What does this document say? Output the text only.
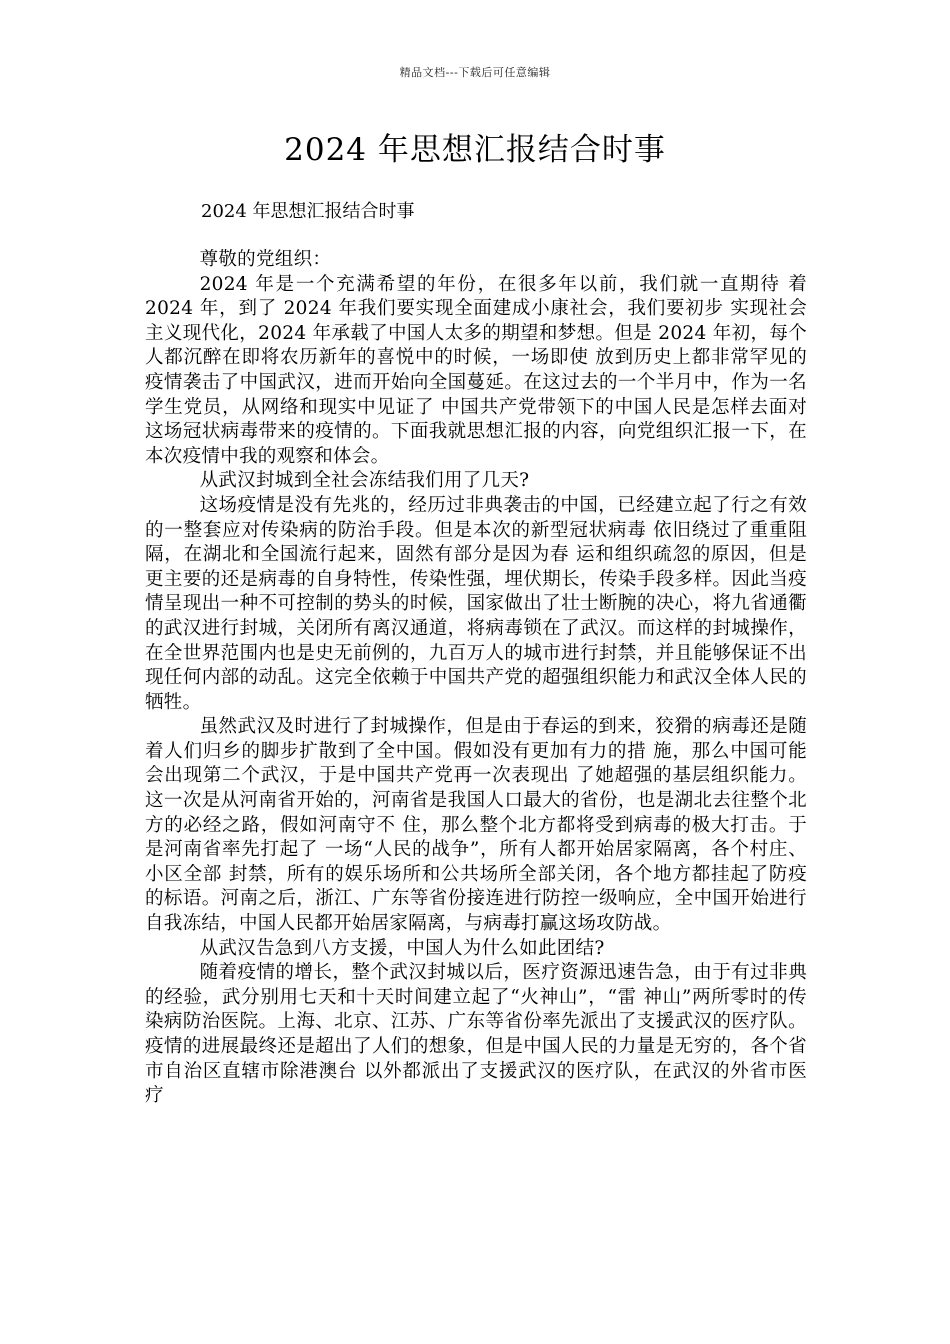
精品文档---下载后可任意编辑
2024 年思想汇报结合时事

2024 年思想汇报结合时事

尊敬的党组织：

2024 年是一个充满希望的年份，在很多年以前，我们就一直期待 着 2024 年，到了 2024 年我们要实现全面建成小康社会，我们要初步 实现社会主义现代化，2024 年承载了中国人太多的期望和梦想。但是 2024 年初，每个人都沉醉在即将农历新年的喜悦中的时候，一场即使 放到历史上都非常罕见的疫情袭击了中国武汉，进而开始向全国蔓延。在这过去的一个半月中，作为一名学生党员，从网络和现实中见证了 中国共产党带领下的中国人民是怎样去面对这场冠状病毒带来的疫情的。下面我就思想汇报的内容，向党组织汇报一下，在本次疫情中我的观察和体会。

从武汉封城到全社会冻结我们用了几天?

这场疫情是没有先兆的，经历过非典袭击的中国，已经建立起了行之有效的一整套应对传染病的防治手段。但是本次的新型冠状病毒 依旧绕过了重重阻隔，在湖北和全国流行起来，固然有部分是因为春 运和组织疏忽的原因，但是更主要的还是病毒的自身特性，传染性强，埋伏期长，传染手段多样。因此当疫情呈现出一种不可控制的势头的时候，国家做出了壮士断腕的决心，将九省通衢的武汉进行封城，关闭所有离汉通道，将病毒锁在了武汉。而这样的封城操作，在全世界范围内也是史无前例的，九百万人的城市进行封禁，并且能够保证不出现任何内部的动乱。这完全依赖于中国共产党的超强组织能力和武汉全体人民的牺牲。

虽然武汉及时进行了封城操作，但是由于春运的到来，狡猾的病毒还是随着人们归乡的脚步扩散到了全中国。假如没有更加有力的措 施，那么中国可能会出现第二个武汉，于是中国共产党再一次表现出 了她超强的基层组织能力。这一次是从河南省开始的，河南省是我国人口最大的省份，也是湖北去往整个北方的必经之路，假如河南守不 住，那么整个北方都将受到病毒的极大打击。于是河南省率先打起了 一场“人民的战争”，所有人都开始居家隔离，各个村庄、小区全部 封禁，所有的娱乐场所和公共场所全部关闭，各个地方都挂起了防疫的标语。河南之后，浙江、广东等省份接连进行防控一级响应，全中国开始进行自我冻结，中国人民都开始居家隔离，与病毒打赢这场攻防战。

从武汉告急到八方支援，中国人为什么如此团结?

随着疫情的增长，整个武汉封城以后，医疗资源迅速告急，由于有过非典的经验，武分别用七天和十天时间建立起了“火神山”，“雷 神山”两所零时的传染病防治医院。上海、北京、江苏、广东等省份率先派出了支援武汉的医疗队。疫情的进展最终还是超出了人们的想象，但是中国人民的力量是无穷的，各个省市自治区直辖市除港澳台 以外都派出了支援武汉的医疗队，在武汉的外省市医疗
